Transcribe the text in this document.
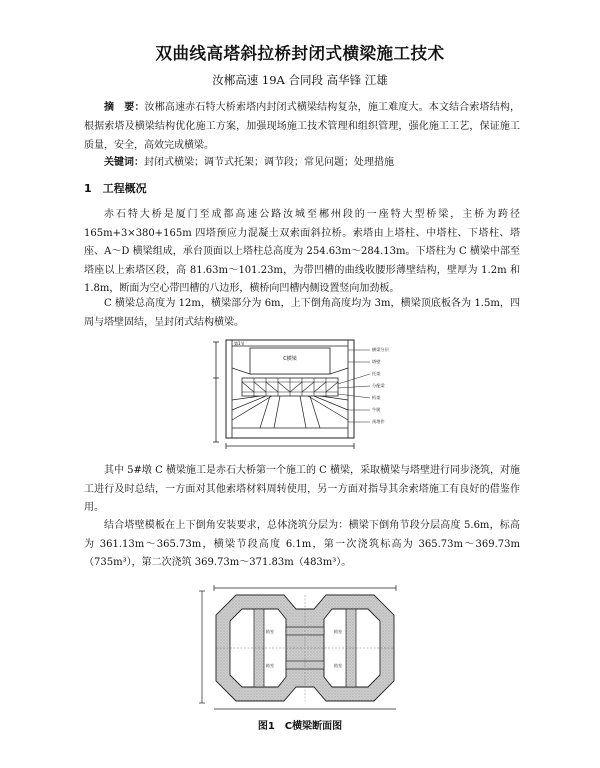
双曲线高塔斜拉桥封闭式横梁施工技术
汝郴高速 19A 合同段 高华锋 江雄
摘　要：汝郴高速赤石特大桥索塔内封闭式横梁结构复杂，施工难度大。本文结合索塔结构，根据索塔及横梁结构优化施工方案，加强现场施工技术管理和组织管理，强化施工工艺，保证施工质量，安全，高效完成横梁。
关键词：封闭式横梁；调节式托架；调节段；常见问题；处理措施
1　工程概况
赤石特大桥是厦门至成都高速公路汝城至郴州段的一座特大型桥梁，主桥为跨径 165m+3×380+165m 四塔预应力混凝土双索面斜拉桥。索塔由上塔柱、中塔柱、下塔柱、塔座、A～D 横梁组成，承台顶面以上塔柱总高度为 254.63m～284.13m。下塔柱为 C 横梁中部至塔座以上索塔区段，高 81.63m～101.23m，为带凹槽的曲线收腰形薄壁结构，壁厚为 1.2m 和 1.8m，断面为空心带凹槽的八边形，横桥向凹槽内侧设置竖向加劲板。
C 横梁总高度为 12m，横梁部分为 6m，上下倒角高度均为 3m，横梁顶底板各为 1.5m，四周与塔壁固结，呈封闭式结构横梁。
C横梁
第1节
横梁分层
塔壁
托架
分配梁
桁架
牛腿
预埋件
其中 5#墩 C 横梁施工是赤石大桥第一个施工的 C 横梁，采取横梁与塔壁进行同步浇筑，对施工进行及时总结，一方面对其他索塔材料周转使用，另一方面对指导其余索塔施工有良好的借鉴作用。
结合塔壁模板在上下倒角安装要求，总体浇筑分层为：横梁下倒角节段分层高度 5.6m，标高为 361.13m～365.73m，横梁节段高度 6.1m，第一次浇筑标高为 365.73m～369.73m（735m³），第二次浇筑 369.73m～371.83m（483m³）。
箱室
箱室
箱室
箱室
图1　C横梁断面图
